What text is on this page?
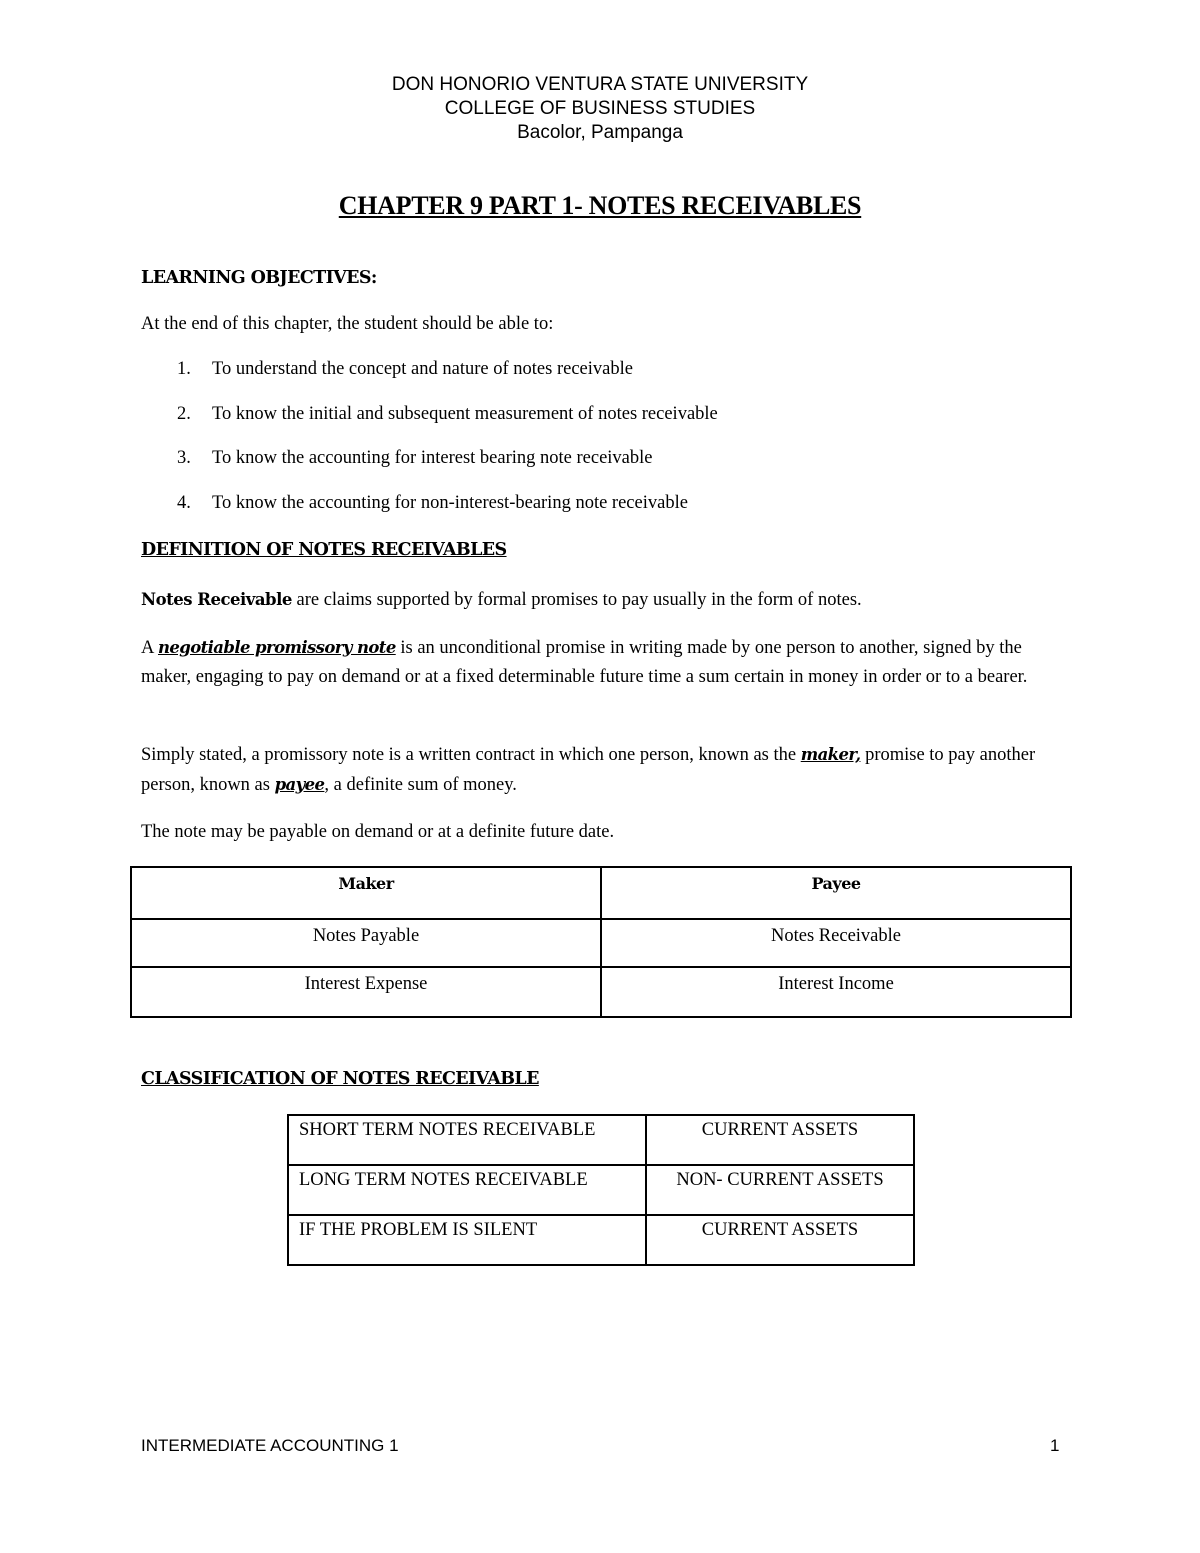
DON HONORIO VENTURA STATE UNIVERSITY
COLLEGE OF BUSINESS STUDIES
Bacolor, Pampanga
CHAPTER 9 PART 1- NOTES RECEIVABLES
LEARNING OBJECTIVES:
At the end of this chapter, the student should be able to:
1.	To understand the concept and nature of notes receivable
2.	To know the initial and subsequent measurement of notes receivable
3.	To know the accounting for interest bearing note receivable
4.	To know the accounting for non-interest-bearing note receivable
DEFINITION OF NOTES RECEIVABLES
Notes Receivable are claims supported by formal promises to pay usually in the form of notes.
A negotiable promissory note is an unconditional promise in writing made by one person to another, signed by the maker, engaging to pay on demand or at a fixed determinable future time a sum certain in money in order or to a bearer.
Simply stated, a promissory note is a written contract in which one person, known as the maker, promise to pay another person, known as payee, a definite sum of money.
The note may be payable on demand or at a definite future date.
Maker	Payee
Notes Payable	Notes Receivable
Interest Expense	Interest Income
CLASSIFICATION OF NOTES RECEIVABLE
SHORT TERM NOTES RECEIVABLE	CURRENT ASSETS
LONG TERM NOTES RECEIVABLE	NON- CURRENT ASSETS
IF THE PROBLEM IS SILENT	CURRENT ASSETS
INTERMEDIATE ACCOUNTING 1	1
